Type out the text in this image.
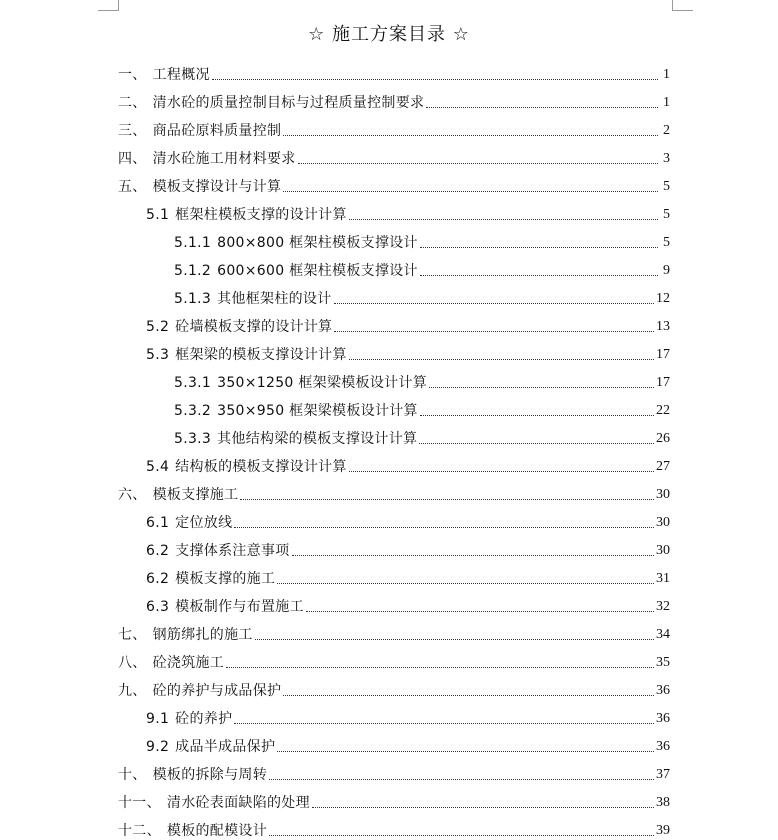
☆ 施工方案目录 ☆
一、 工程概况	1
二、 清水砼的质量控制目标与过程质量控制要求	1
三、 商品砼原料质量控制	2
四、 清水砼施工用材料要求	3
五、 模板支撑设计与计算	5
5.1 框架柱模板支撑的设计计算	5
5.1.1 800×800 框架柱模板支撑设计	5
5.1.2 600×600 框架柱模板支撑设计	9
5.1.3 其他框架柱的设计	12
5.2 砼墙模板支撑的设计计算	13
5.3 框架梁的模板支撑设计计算	17
5.3.1 350×1250 框架梁模板设计计算	17
5.3.2 350×950 框架梁模板设计计算	22
5.3.3 其他结构梁的模板支撑设计计算	26
5.4 结构板的模板支撑设计计算	27
六、 模板支撑施工	30
6.1 定位放线	30
6.2 支撑体系注意事项	30
6.2 模板支撑的施工	31
6.3 模板制作与布置施工	32
七、 钢筋绑扎的施工	34
八、 砼浇筑施工	35
九、 砼的养护与成品保护	36
9.1 砼的养护	36
9.2 成品半成品保护	36
十、 模板的拆除与周转	37
十一、 清水砼表面缺陷的处理	38
十二、 模板的配模设计	39
